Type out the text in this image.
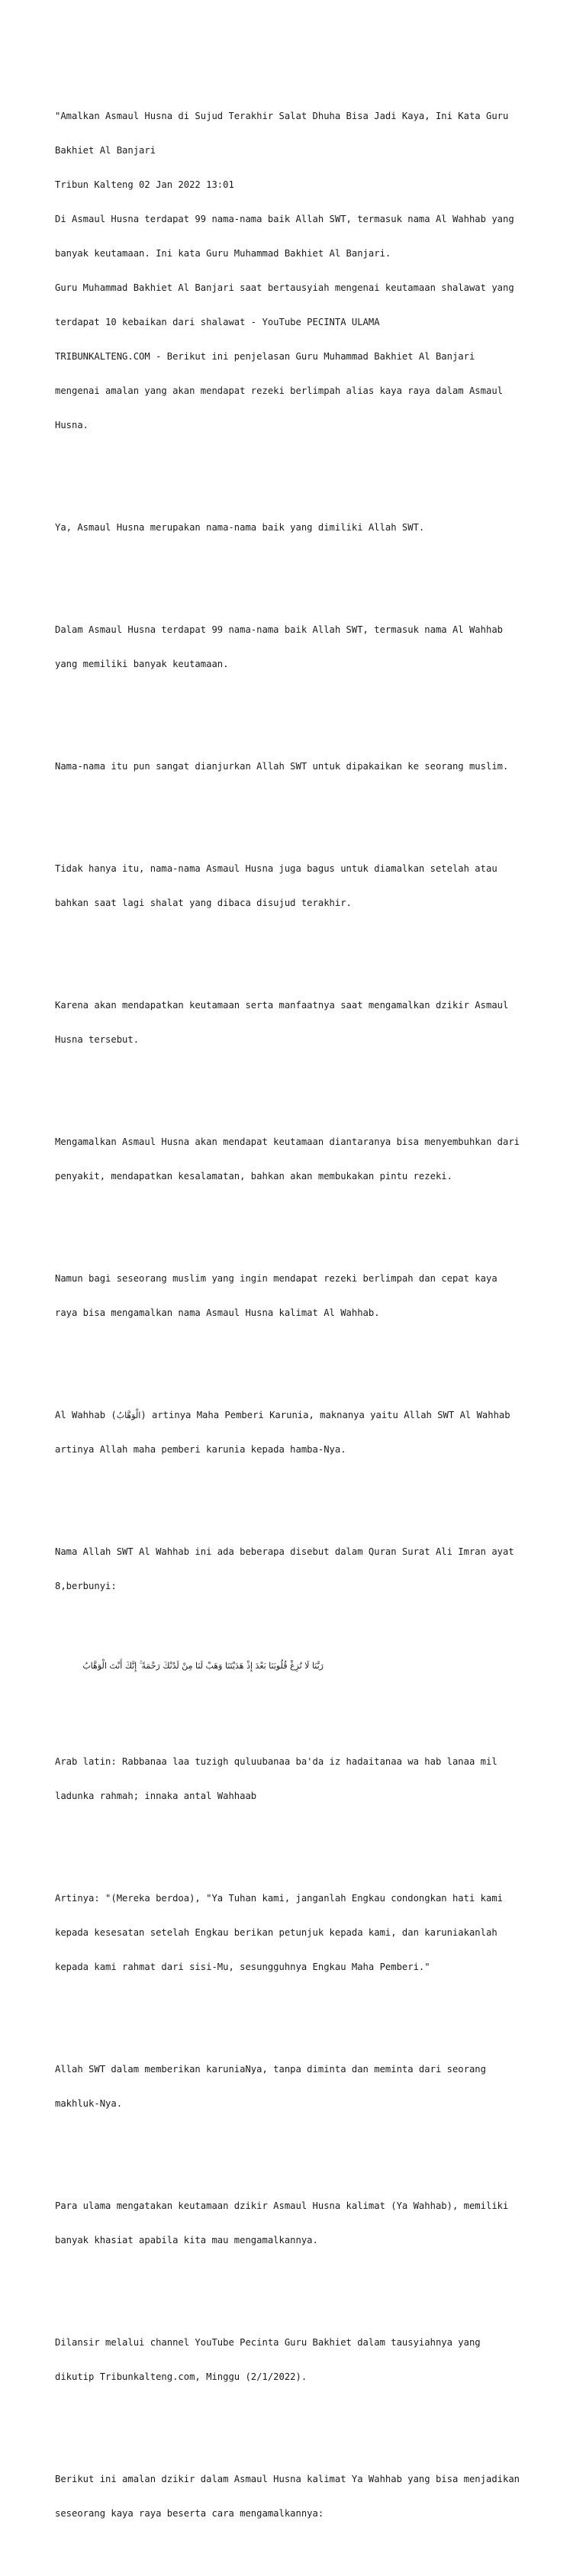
"Amalkan Asmaul Husna di Sujud Terakhir Salat Dhuha Bisa Jadi Kaya, Ini Kata Guru

Bakhiet Al Banjari

Tribun Kalteng 02 Jan 2022 13:01

Di Asmaul Husna terdapat 99 nama-nama baik Allah SWT, termasuk nama Al Wahhab yang

banyak keutamaan. Ini kata Guru Muhammad Bakhiet Al Banjari.

Guru Muhammad Bakhiet Al Banjari saat bertausyiah mengenai keutamaan shalawat yang

terdapat 10 kebaikan dari shalawat - YouTube PECINTA ULAMA

TRIBUNKALTENG.COM - Berikut ini penjelasan Guru Muhammad Bakhiet Al Banjari

mengenai amalan yang akan mendapat rezeki berlimpah alias kaya raya dalam Asmaul

Husna.

Ya, Asmaul Husna merupakan nama-nama baik yang dimiliki Allah SWT.

Dalam Asmaul Husna terdapat 99 nama-nama baik Allah SWT, termasuk nama Al Wahhab

yang memiliki banyak keutamaan.

Nama-nama itu pun sangat dianjurkan Allah SWT untuk dipakaikan ke seorang muslim.

Tidak hanya itu, nama-nama Asmaul Husna juga bagus untuk diamalkan setelah atau

bahkan saat lagi shalat yang dibaca disujud terakhir.

Karena akan mendapatkan keutamaan serta manfaatnya saat mengamalkan dzikir Asmaul

Husna tersebut.

Mengamalkan Asmaul Husna akan mendapat keutamaan diantaranya bisa menyembuhkan dari

penyakit, mendapatkan kesalamatan, bahkan akan membukakan pintu rezeki.

Namun bagi seseorang muslim yang ingin mendapat rezeki berlimpah dan cepat kaya

raya bisa mengamalkan nama Asmaul Husna kalimat Al Wahhab.

Al Wahhab (الْوَهَّابُ) artinya Maha Pemberi Karunia, maknanya yaitu Allah SWT Al Wahhab

artinya Allah maha pemberi karunia kepada hamba-Nya.

Nama Allah SWT Al Wahhab ini ada beberapa disebut dalam Quran Surat Ali Imran ayat

8,berbunyi:

رَبَّنَا لَا تُزِغْ قُلُوبَنَا بَعْدَ إِذْ هَدَيْتَنَا وَهَبْ لَنَا مِنْ لَدُنْكَ رَحْمَةً ۚ إِنَّكَ أَنْتَ الْوَهَّابُ

Arab latin: Rabbanaa laa tuzigh quluubanaa ba'da iz hadaitanaa wa hab lanaa mil

ladunka rahmah; innaka antal Wahhaab

Artinya: "(Mereka berdoa), "Ya Tuhan kami, janganlah Engkau condongkan hati kami

kepada kesesatan setelah Engkau berikan petunjuk kepada kami, dan karuniakanlah

kepada kami rahmat dari sisi-Mu, sesungguhnya Engkau Maha Pemberi."

Allah SWT dalam memberikan karuniaNya, tanpa diminta dan meminta dari seorang

makhluk-Nya.

Para ulama mengatakan keutamaan dzikir Asmaul Husna kalimat (Ya Wahhab), memiliki

banyak khasiat apabila kita mau mengamalkannya.

Dilansir melalui channel YouTube Pecinta Guru Bakhiet dalam tausyiahnya yang

dikutip Tribunkalteng.com, Minggu (2/1/2022).

Berikut ini amalan dzikir dalam Asmaul Husna kalimat Ya Wahhab yang bisa menjadikan

seseorang kaya raya beserta cara mengamalkannya:
